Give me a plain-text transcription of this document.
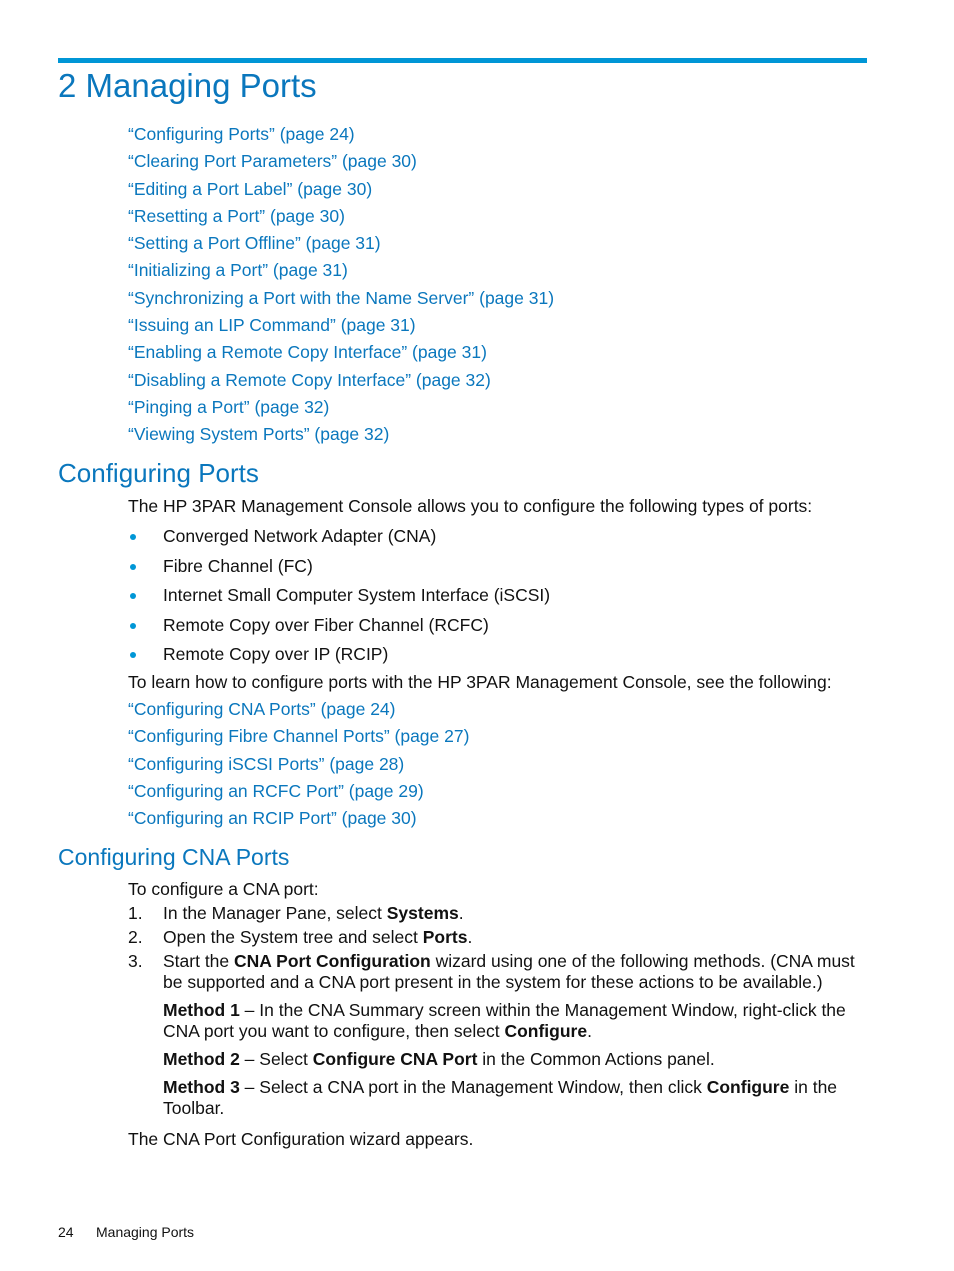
2 Managing Ports
“Configuring Ports” (page 24)
“Clearing Port Parameters” (page 30)
“Editing a Port Label” (page 30)
“Resetting a Port” (page 30)
“Setting a Port Offline” (page 31)
“Initializing a Port” (page 31)
“Synchronizing a Port with the Name Server” (page 31)
“Issuing an LIP Command” (page 31)
“Enabling a Remote Copy Interface” (page 31)
“Disabling a Remote Copy Interface” (page 32)
“Pinging a Port” (page 32)
“Viewing System Ports” (page 32)
Configuring Ports

The HP 3PAR Management Console allows you to configure the following types of ports:

Converged Network Adapter (CNA)
Fibre Channel (FC)
Internet Small Computer System Interface (iSCSI)
Remote Copy over Fiber Channel (RCFC)
Remote Copy over IP (RCIP)

To learn how to configure ports with the HP 3PAR Management Console, see the following:

“Configuring CNA Ports” (page 24)
“Configuring Fibre Channel Ports” (page 27)
“Configuring iSCSI Ports” (page 28)
“Configuring an RCFC Port” (page 29)
“Configuring an RCIP Port” (page 30)
Configuring CNA Ports

To configure a CNA port:

1. In the Manager Pane, select Systems.
2. Open the System tree and select Ports.
3. Start the CNA Port Configuration wizard using one of the following methods. (CNA must be supported and a CNA port present in the system for these actions to be available.)
Method 1 – In the CNA Summary screen within the Management Window, right-click the CNA port you want to configure, then select Configure.
Method 2 – Select Configure CNA Port in the Common Actions panel.
Method 3 – Select a CNA port in the Management Window, then click Configure in the Toolbar.

The CNA Port Configuration wizard appears.

24 Managing Ports
